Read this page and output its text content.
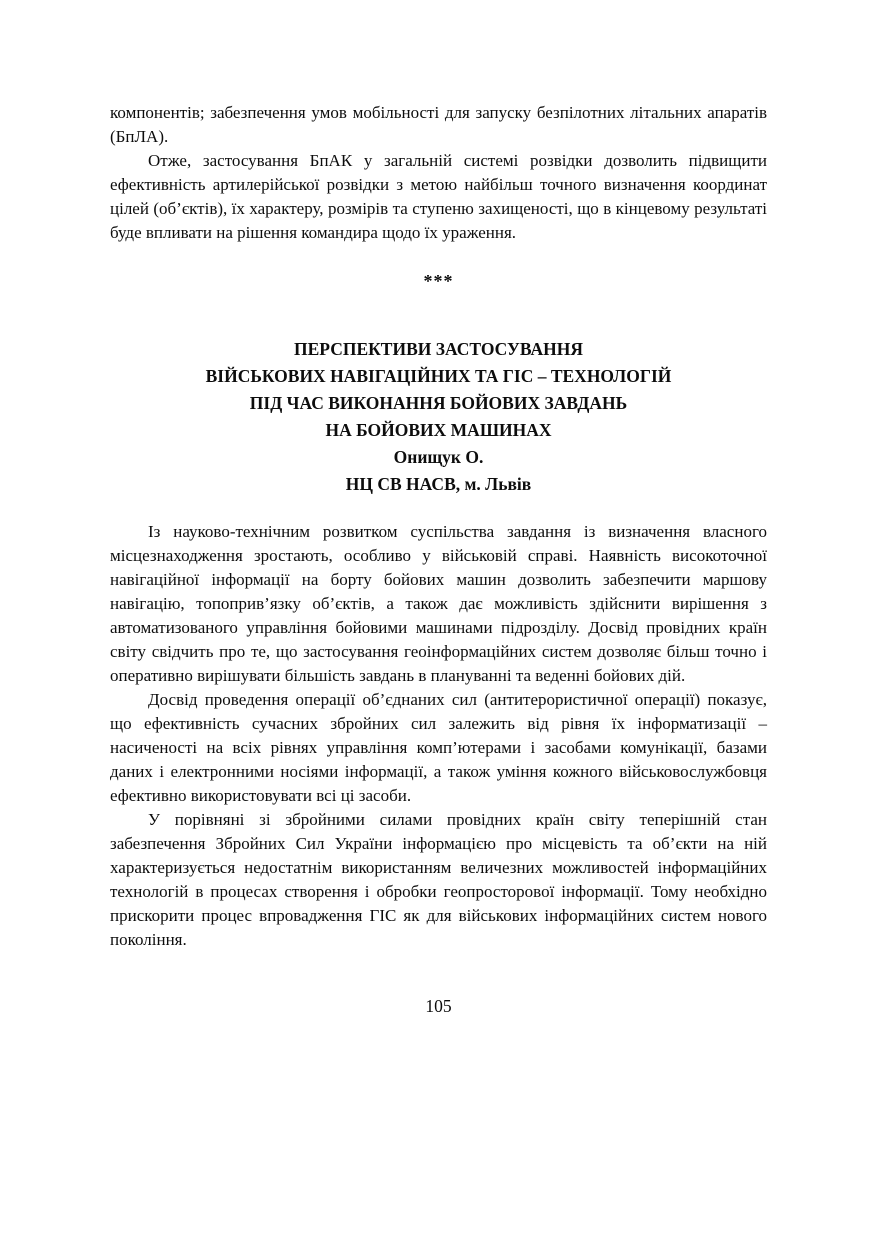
компонентів; забезпечення умов мобільності для запуску безпілотних літальних апаратів (БпЛА).

Отже, застосування БпАК у загальній системі розвідки дозволить підвищити ефективність артилерійської розвідки з метою найбільш точного визначення координат цілей (об’єктів), їх характеру, розмірів та ступеню захищеності, що в кінцевому результаті буде впливати на рішення командира щодо їх ураження.

***
ПЕРСПЕКТИВИ ЗАСТОСУВАННЯ
ВІЙСЬКОВИХ НАВІГАЦІЙНИХ ТА ГІС – ТЕХНОЛОГІЙ
ПІД ЧАС ВИКОНАННЯ БОЙОВИХ ЗАВДАНЬ
НА БОЙОВИХ МАШИНАХ
Онищук О.
НЦ СВ НАСВ, м. Львів

Із науково-технічним розвитком суспільства завдання із визначення власного місцезнаходження зростають, особливо у військовій справі. Наявність високоточної навігаційної інформації на борту бойових машин дозволить забезпечити маршову навігацію, топоприв’язку об’єктів, а також дає можливість здійснити вирішення з автоматизованого управління бойовими машинами підрозділу. Досвід провідних країн світу свідчить про те, що застосування геоінформаційних систем дозволяє більш точно і оперативно вирішувати більшість завдань в плануванні та веденні бойових дій.

Досвід проведення операції об’єднаних сил (антитерористичної операції) показує, що ефективність сучасних збройних сил залежить від рівня їх інформатизації – насиченості на всіх рівнях управління комп’ютерами і засобами комунікації, базами даних і електронними носіями інформації, а також уміння кожного військовослужбовця ефективно використовувати всі ці засоби.

У порівняні зі збройними силами провідних країн світу теперішній стан забезпечення Збройних Сил України інформацією про місцевість та об’єкти на ній характеризується недостатнім використанням величезних можливостей інформаційних технологій в процесах створення і обробки геопросторової інформації. Тому необхідно прискорити процес впровадження ГІС як для військових інформаційних систем нового покоління.

105
